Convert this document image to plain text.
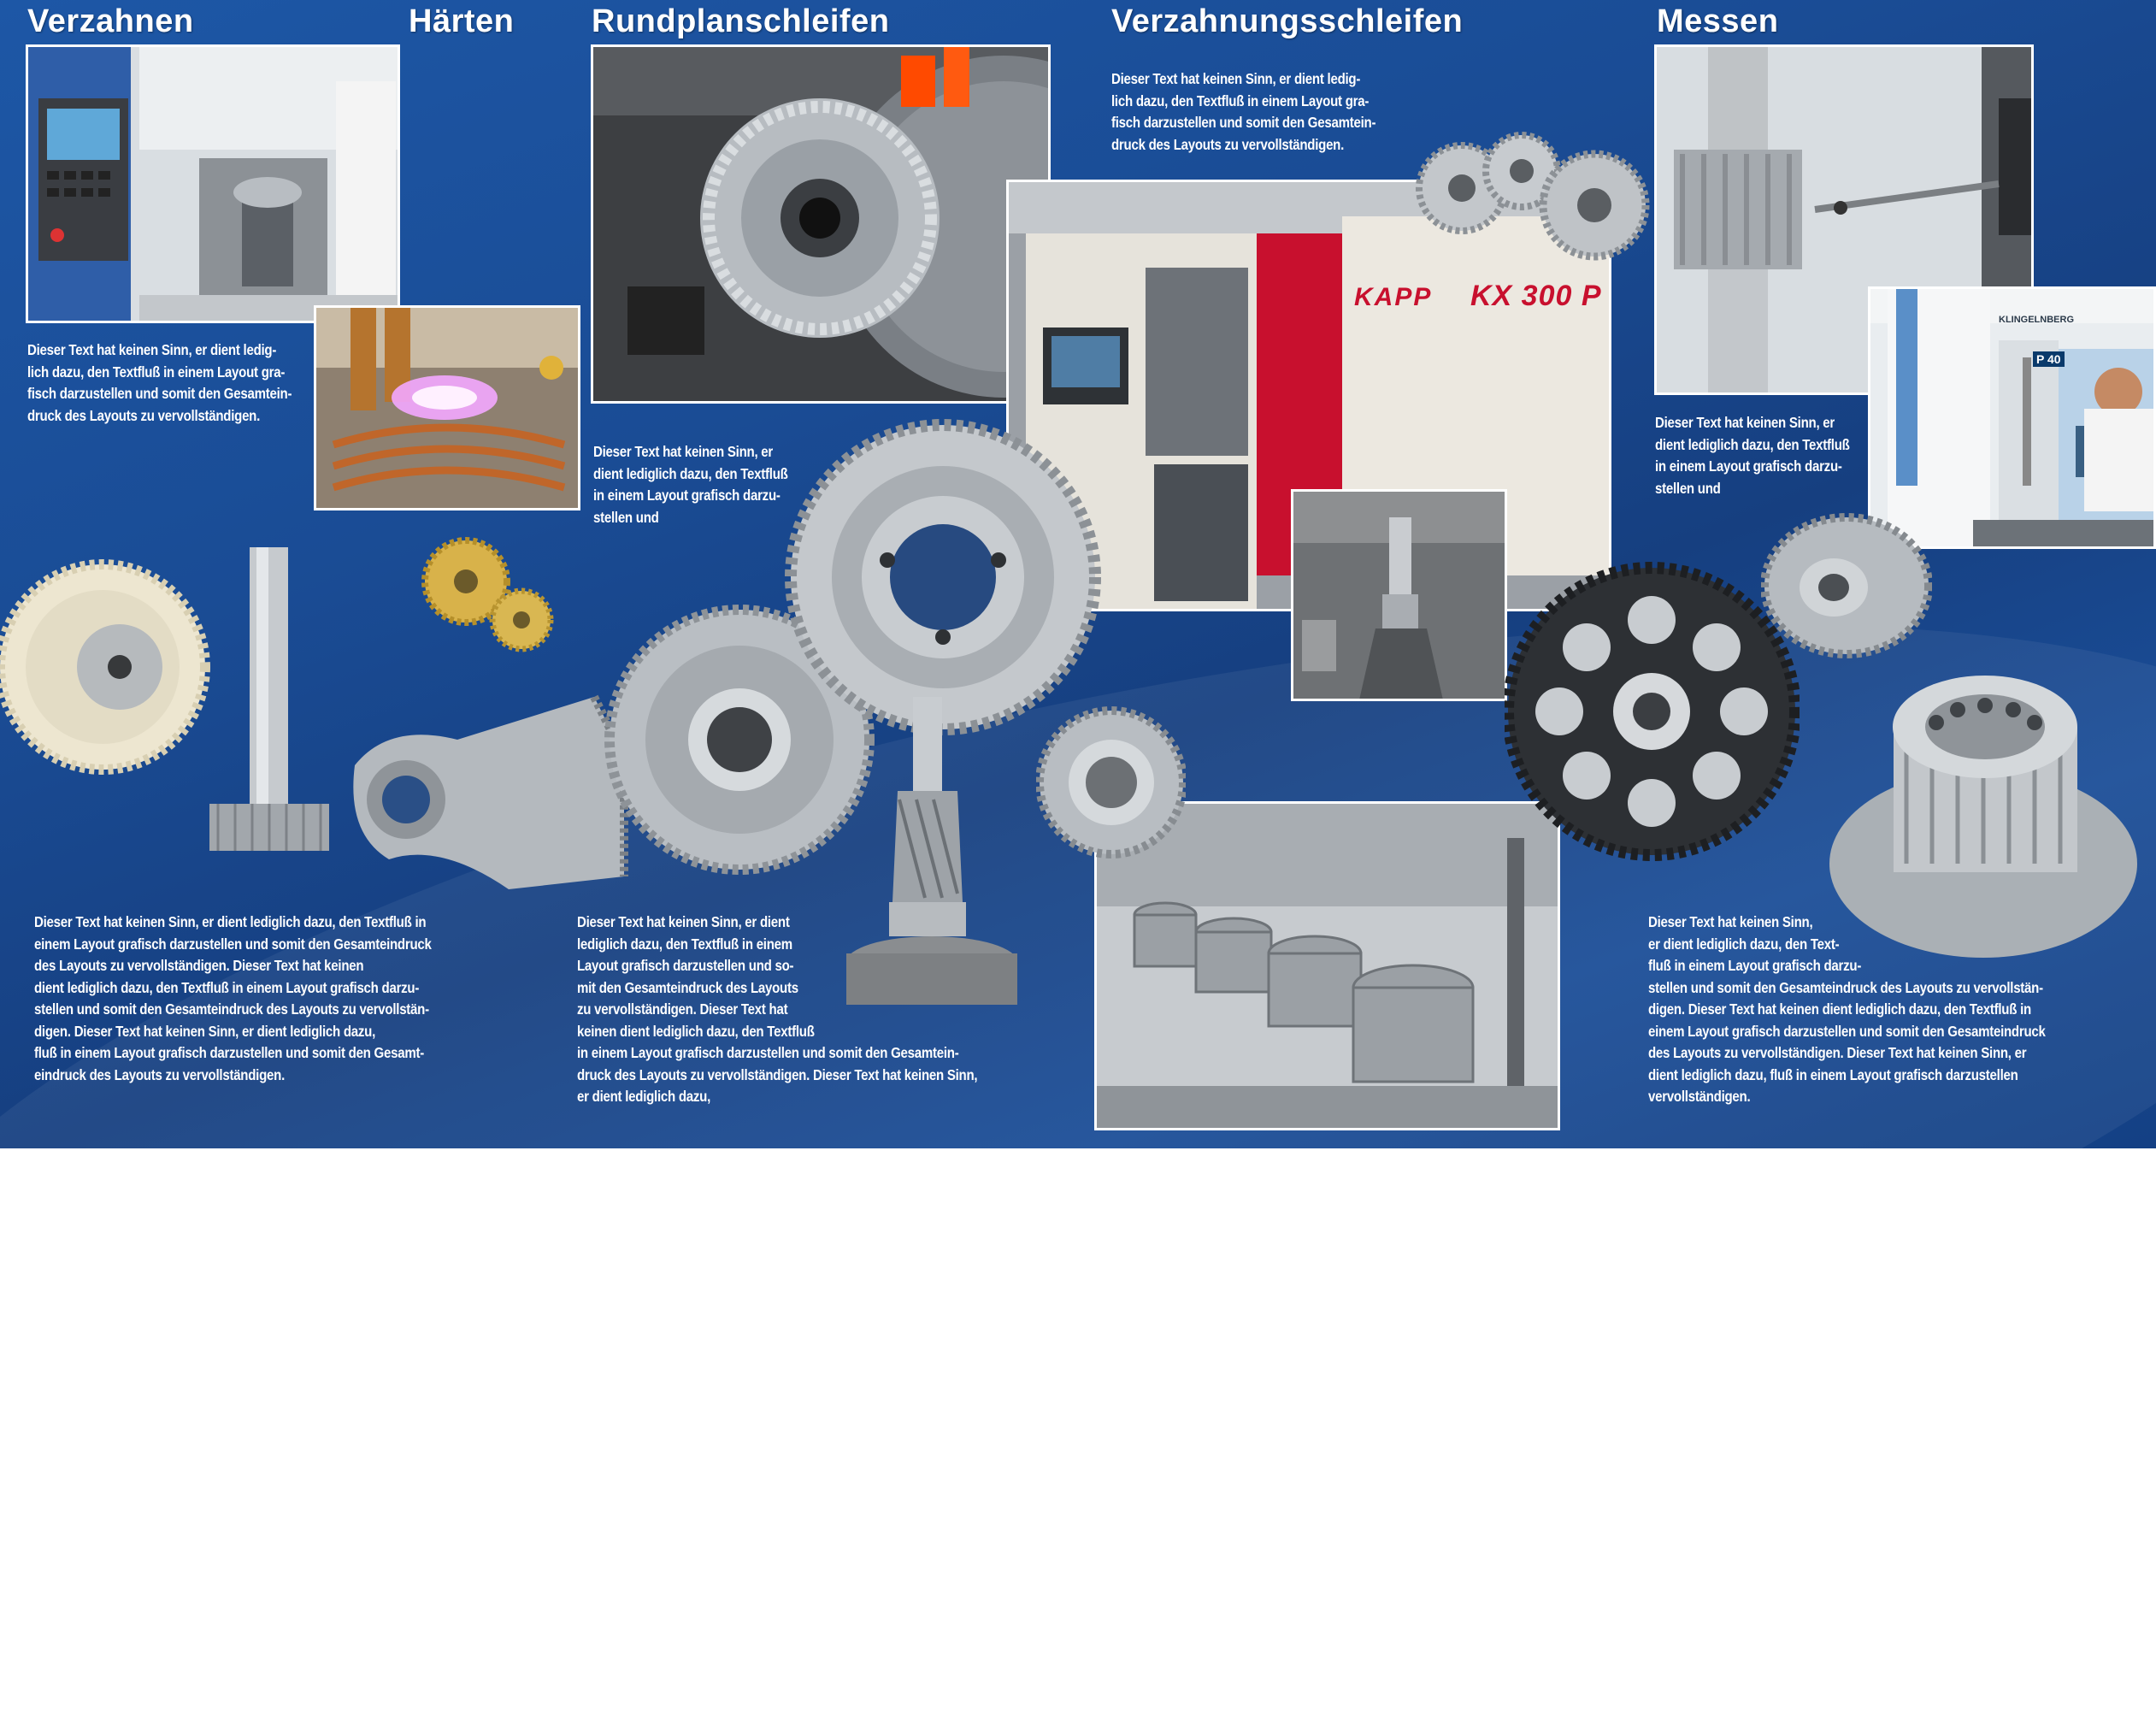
Verzahnen	Härten Rundplanschleifen	Verzahnungsschleifen	Messen
KAPP KX 300 P
KLINGELNBERG
P 40
Dieser Text hat keinen Sinn, er dient ledig-
lich dazu, den Textfluß in einem Layout gra-
fisch darzustellen und somit den Gesamtein-
druck des Layouts zu vervollständigen.
Dieser Text hat keinen Sinn, er
dient lediglich dazu, den Textfluß
in einem Layout grafisch darzu-
stellen und
Dieser Text hat keinen Sinn, er dient ledig-
lich dazu, den Textfluß in einem Layout gra-
fisch darzustellen und somit den Gesamtein-
druck des Layouts zu vervollständigen.
Dieser Text hat keinen Sinn, er
dient lediglich dazu, den Textfluß
in einem Layout grafisch darzu-
stellen und
Dieser Text hat keinen Sinn, er dient lediglich dazu, den Textfluß in
einem Layout grafisch darzustellen und somit den Gesamteindruck
des Layouts zu vervollständigen. Dieser Text hat keinen
dient lediglich dazu, den Textfluß in einem Layout grafisch darzu-
stellen und somit den Gesamteindruck des Layouts zu vervollstän-
digen. Dieser Text hat keinen Sinn, er dient lediglich dazu,
fluß in einem Layout grafisch darzustellen und somit den Gesamt-
eindruck des Layouts zu vervollständigen.
Dieser Text hat keinen Sinn, er dient
lediglich dazu, den Textfluß in einem
Layout grafisch darzustellen und so-
mit den Gesamteindruck des Layouts
zu vervollständigen. Dieser Text hat
keinen dient lediglich dazu, den Textfluß
in einem Layout grafisch darzustellen und somit den Gesamtein-
druck des Layouts zu vervollständigen. Dieser Text hat keinen Sinn,
er dient lediglich dazu,
Dieser Text hat keinen Sinn,
er dient lediglich dazu, den Text-
fluß in einem Layout grafisch darzu-
stellen und somit den Gesamteindruck des Layouts zu vervollstän-
digen. Dieser Text hat keinen dient lediglich dazu, den Textfluß in
einem Layout grafisch darzustellen und somit den Gesamteindruck
des Layouts zu vervollständigen. Dieser Text hat keinen Sinn, er
dient lediglich dazu, fluß in einem Layout grafisch darzustellen
vervollständigen.
